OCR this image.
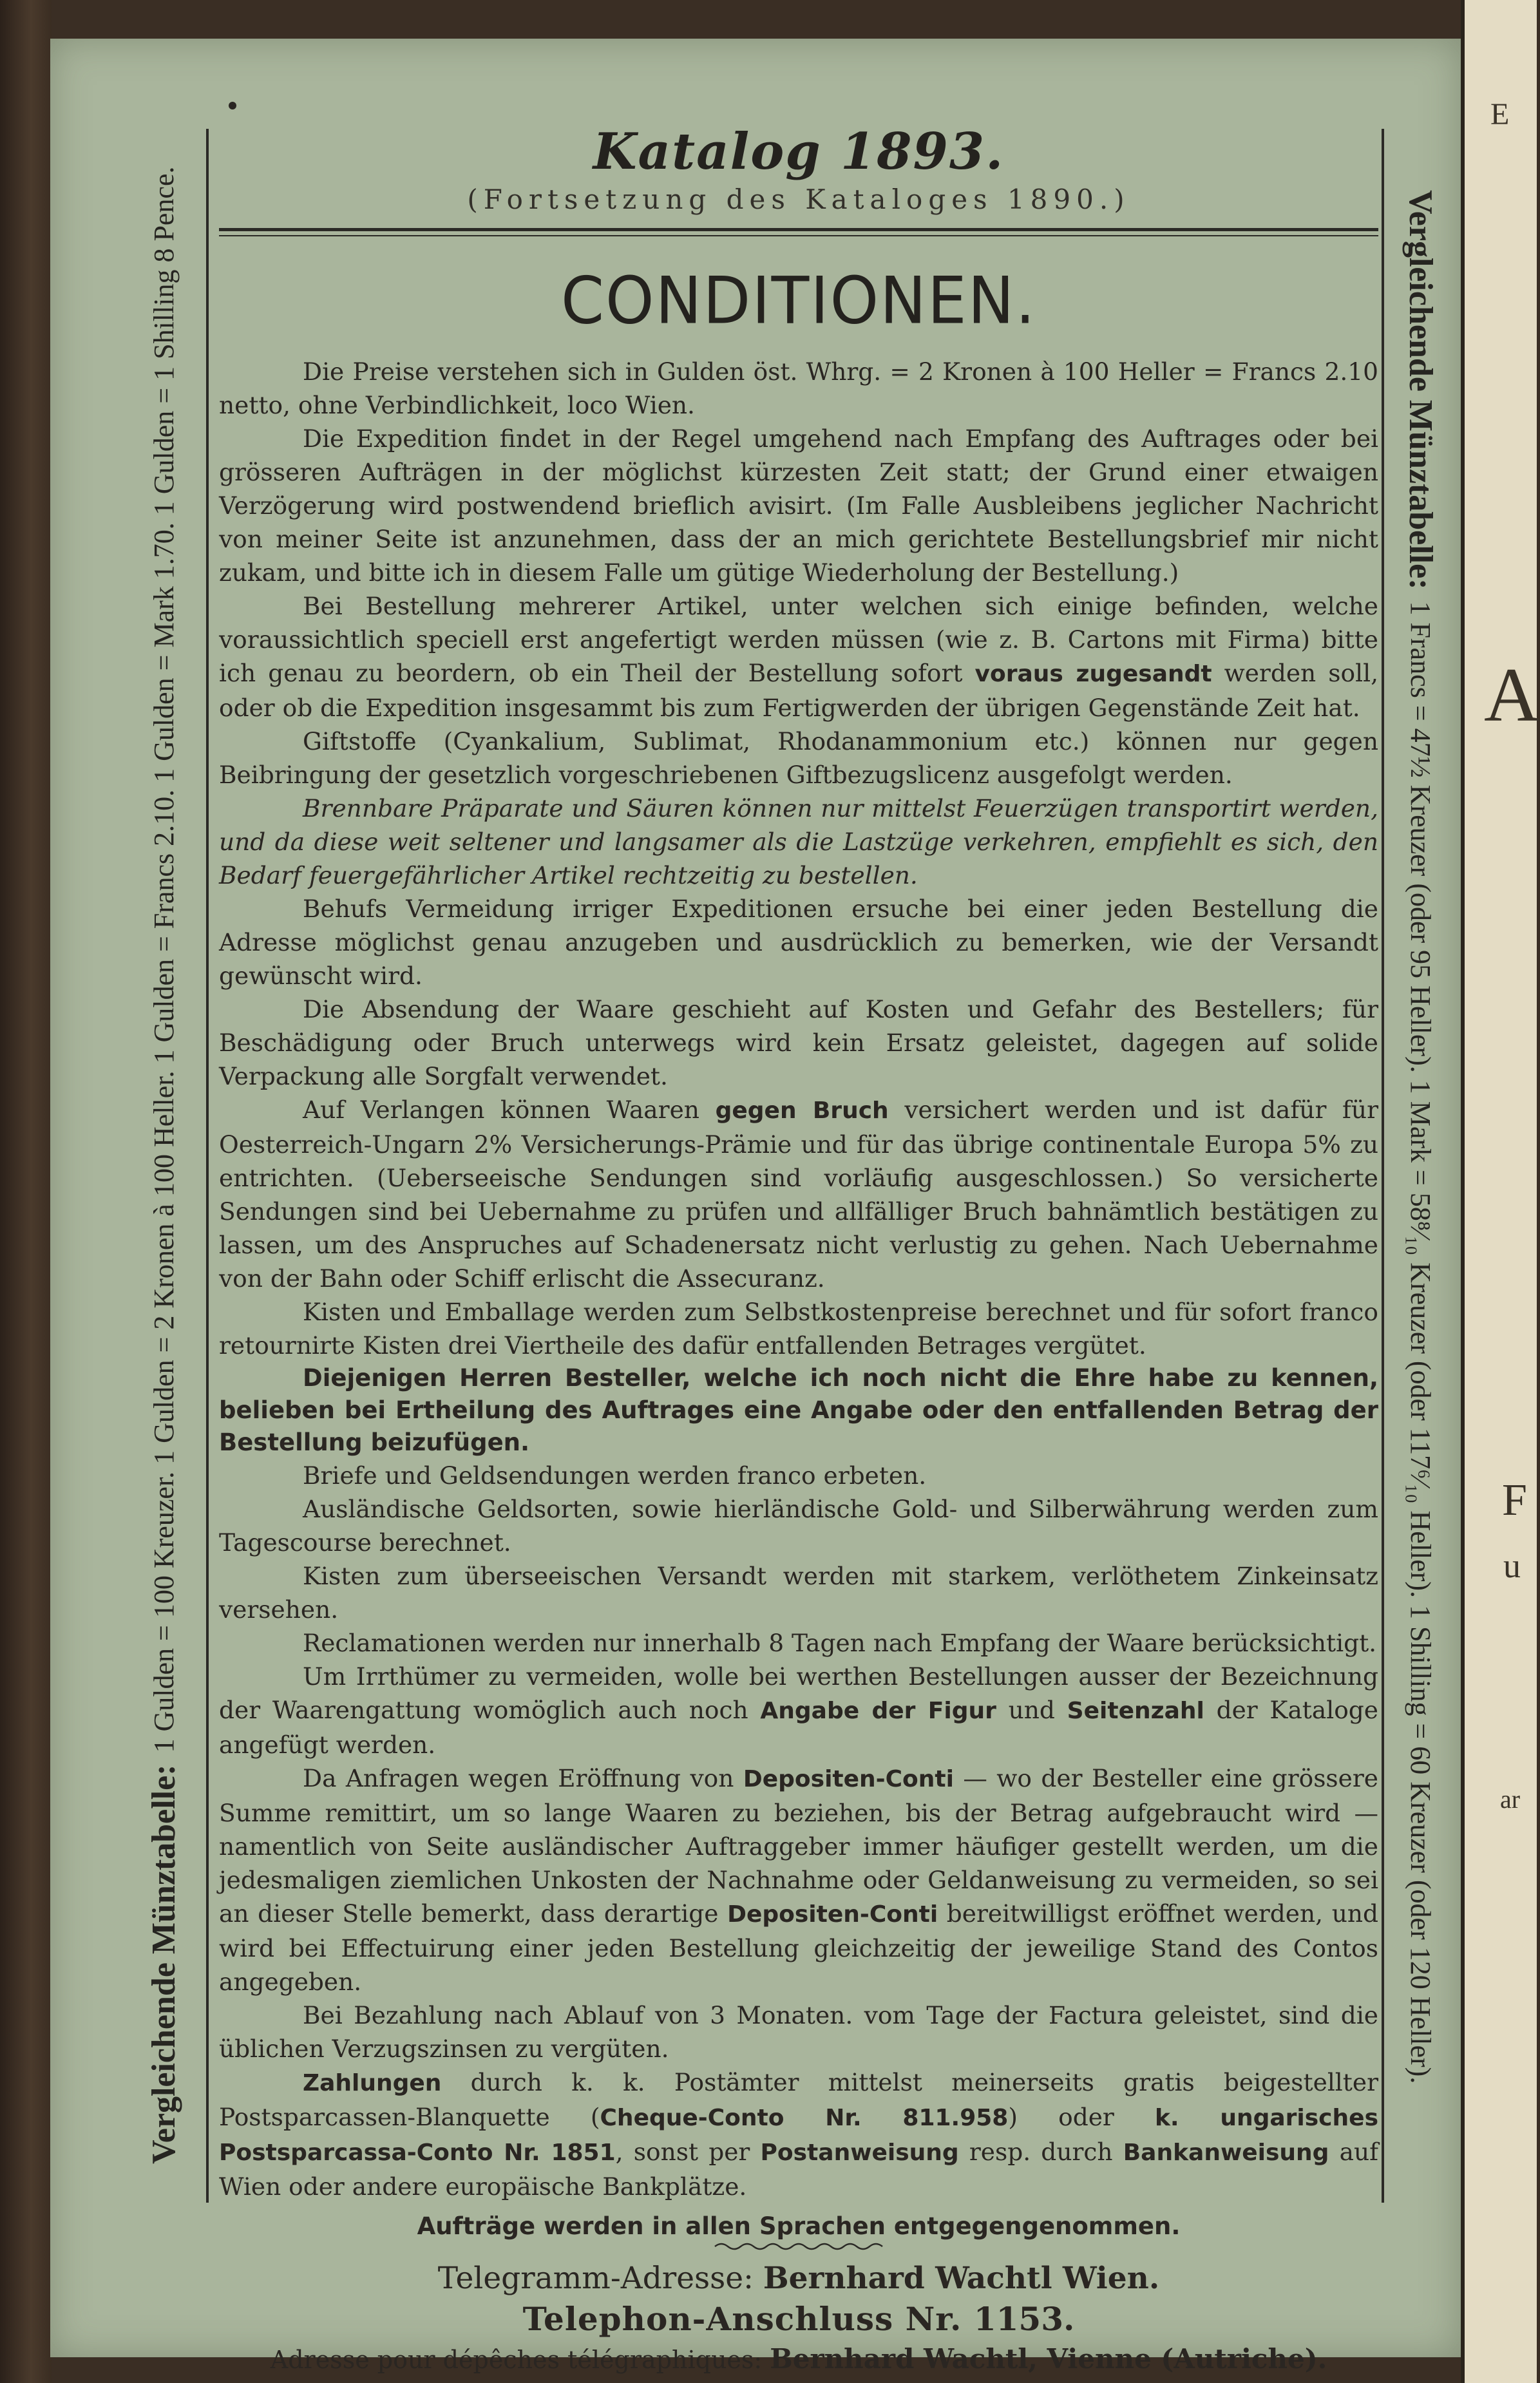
E
A
F
u
ar
Vergleichende Münztabelle:
1 Gulden = 100 Kreuzer. 1 Gulden = 2 Kronen à 100 Heller. 1 Gulden = Francs 2.10. 1 Gulden = Mark 1.70. 1 Gulden = 1 Shilling 8 Pence.	Vergleichende Münztabelle:
1 Francs = 47½ Kreuzer (oder 95 Heller). 1 Mark = 58⁸⁄₁₀ Kreuzer (oder 117⁶⁄₁₀ Heller). 1 Shilling = 60 Kreuzer (oder 120 Heller).
Katalog 1893.
(Fortsetzung des Kataloges 1890.)
CONDITIONEN.

Die Preise verstehen sich in Gulden öst. Whrg. = 2 Kronen à 100 Heller = Francs 2.10 netto, ohne Verbindlichkeit, loco Wien.

Die Expedition findet in der Regel umgehend nach Empfang des Auftrages oder bei grösseren Aufträgen in der möglichst kürzesten Zeit statt; der Grund einer etwaigen Verzögerung wird postwendend brieflich avisirt. (Im Falle Ausbleibens jeglicher Nachricht von meiner Seite ist anzunehmen, dass der an mich gerichtete Bestellungsbrief mir nicht zukam, und bitte ich in diesem Falle um gütige Wiederholung der Bestellung.)

Bei Bestellung mehrerer Artikel, unter welchen sich einige befinden, welche voraussichtlich speciell erst angefertigt werden müssen (wie z. B. Cartons mit Firma) bitte ich genau zu beordern, ob ein Theil der Bestellung sofort voraus zugesandt werden soll, oder ob die Expedition insgesammt bis zum Fertigwerden der übrigen Gegenstände Zeit hat.

Giftstoffe (Cyankalium, Sublimat, Rhodanammonium etc.) können nur gegen Beibringung der gesetzlich vorgeschriebenen Giftbezugslicenz ausgefolgt werden.

Brennbare Präparate und Säuren können nur mittelst Feuerzügen transportirt werden, und da diese weit seltener und langsamer als die Lastzüge verkehren, empfiehlt es sich, den Bedarf feuergefährlicher Artikel rechtzeitig zu bestellen.

Behufs Vermeidung irriger Expeditionen ersuche bei einer jeden Bestellung die Adresse möglichst genau anzugeben und ausdrücklich zu bemerken, wie der Versandt gewünscht wird.

Die Absendung der Waare geschieht auf Kosten und Gefahr des Bestellers; für Beschädigung oder Bruch unterwegs wird kein Ersatz geleistet, dagegen auf solide Verpackung alle Sorgfalt verwendet.

Auf Verlangen können Waaren gegen Bruch versichert werden und ist dafür für Oesterreich-Ungarn 2% Versicherungs-Prämie und für das übrige continentale Europa 5% zu entrichten. (Ueberseeische Sendungen sind vorläufig ausgeschlossen.) So versicherte Sendungen sind bei Uebernahme zu prüfen und allfälliger Bruch bahnämtlich bestätigen zu lassen, um des Anspruches auf Schadenersatz nicht verlustig zu gehen. Nach Uebernahme von der Bahn oder Schiff erlischt die Assecuranz.

Kisten und Emballage werden zum Selbstkostenpreise berechnet und für sofort franco retournirte Kisten drei Viertheile des dafür entfallenden Betrages vergütet.

Diejenigen Herren Besteller, welche ich noch nicht die Ehre habe zu kennen, belieben bei Ertheilung des Auftrages eine Angabe oder den entfallenden Betrag der Bestellung beizufügen.

Briefe und Geldsendungen werden franco erbeten.

Ausländische Geldsorten, sowie hierländische Gold- und Silberwährung werden zum Tagescourse berechnet.

Kisten zum überseeischen Versandt werden mit starkem, verlöthetem Zinkeinsatz versehen.

Reclamationen werden nur innerhalb 8 Tagen nach Empfang der Waare berücksichtigt.

Um Irrthümer zu vermeiden, wolle bei werthen Bestellungen ausser der Bezeichnung der Waarengattung womöglich auch noch Angabe der Figur und Seitenzahl der Kataloge angefügt werden.

Da Anfragen wegen Eröffnung von Depositen-Conti — wo der Besteller eine grössere Summe remittirt, um so lange Waaren zu beziehen, bis der Betrag aufgebraucht wird — namentlich von Seite ausländischer Auftraggeber immer häufiger gestellt werden, um die jedesmaligen ziemlichen Unkosten der Nachnahme oder Geldanweisung zu vermeiden, so sei an dieser Stelle bemerkt, dass derartige Depositen-Conti bereitwilligst eröffnet werden, und wird bei Effectuirung einer jeden Bestellung gleichzeitig der jeweilige Stand des Contos angegeben.

Bei Bezahlung nach Ablauf von 3 Monaten. vom Tage der Factura geleistet, sind die üblichen Verzugszinsen zu vergüten.

Zahlungen durch k. k. Postämter mittelst meinerseits gratis beigestellter Postsparcassen-Blanquette (Cheque-Conto Nr. 811.958) oder k. ungarisches Postsparcassa-Conto Nr. 1851, sonst per Postanweisung resp. durch Bankanweisung auf Wien oder andere europäische Bankplätze.

Aufträge werden in allen Sprachen entgegengenommen.

Telegramm-Adresse: Bernhard Wachtl Wien.

Telephon-Anschluss Nr. 1153.

Adresse pour dépêches télégraphiques: Bernhard Wachtl, Vienne (Autriche).
